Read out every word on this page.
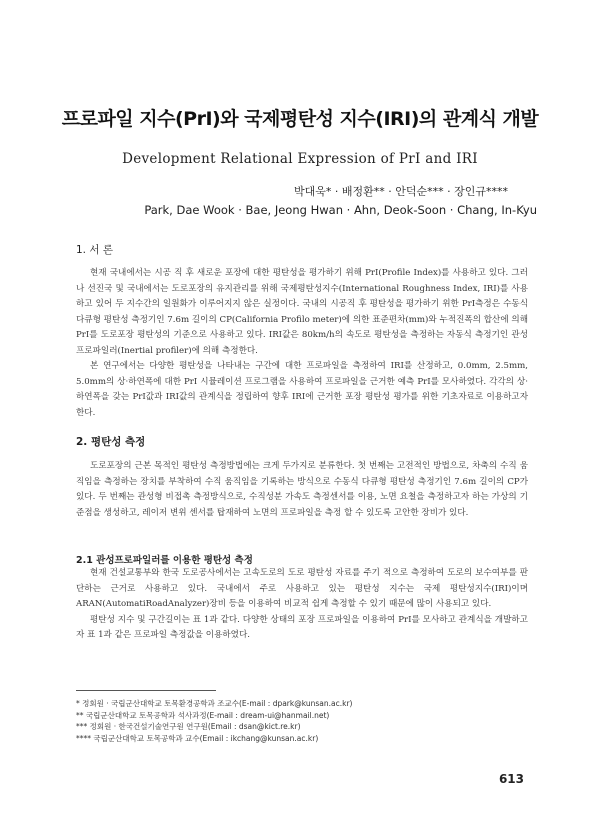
프로파일 지수(PrI)와 국제평탄성 지수(IRI)의 관계식 개발
Development Relational Expression of PrI and IRI
박대욱* · 배정환** · 안덕순*** · 장인규****
Park, Dae Wook · Bae, Jeong Hwan · Ahn, Deok-Soon · Chang, In-Kyu
1. 서 론

현재 국내에서는 시공 직 후 새로운 포장에 대한 평탄성을 평가하기 위해 PrI(Profile Index)를 사용하고 있다. 그러나 선진국 및 국내에서는 도로포장의 유지관리를 위해 국제평탄성지수(International Roughness Index, IRI)를 사용하고 있어 두 지수간의 일원화가 이루어지지 않은 실정이다. 국내의 시공직 후 평탄성을 평가하기 위한 PrI측정은 수동식 다큐형 평탄성 측정기인 7.6m 길이의 CP(California Profilo meter)에 의한 표준편차(mm)와 누적진폭의 합산에 의해 PrI를 도로포장 평탄성의 기준으로 사용하고 있다. IRI값은 80km/h의 속도로 평탄성을 측정하는 자동식 측정기인 관성프로파일러(Inertial profiler)에 의해 측정한다.

본 연구에서는 다양한 평탄성을 나타내는 구간에 대한 프로파일을 측정하여 IRI를 산정하고, 0.0mm, 2.5mm, 5.0mm의 상·하연폭에 대한 PrI 시뮬레이션 프로그램을 사용하여 프로파일을 근거한 예측 PrI를 모사하였다. 각각의 상·하연폭을 갖는 PrI값과 IRI값의 관계식을 정립하여 향후 IRI에 근거한 포장 평탄성 평가를 위한 기초자료로 이용하고자 한다.

2. 평탄성 측정

도로포장의 근본 목적인 평탄성 측정방법에는 크게 두가지로 분류한다. 첫 번째는 고전적인 방법으로, 차축의 수직 움직임을 측정하는 장치를 부착하여 수직 움직임을 기록하는 방식으로 수동식 다큐형 평탄성 측정기인 7.6m 길이의 CP가 있다. 두 번째는 관성형 비접촉 측정방식으로, 수직성분 가속도 측정센서를 이용, 노면 요철을 측정하고자 하는 가상의 기준점을 생성하고, 레이저 변위 센서를 탑재하여 노면의 프로파일을 측정 할 수 있도록 고안한 장비가 있다.

2.1 관성프로파일러를 이용한 평탄성 측정

현재 건설교통부와 한국 도로공사에서는 고속도로의 도로 평탄성 자료를 주기 적으로 측정하여 도로의 보수여부를 판단하는 근거로 사용하고 있다. 국내에서 주로 사용하고 있는 평탄성 지수는 국제 평탄성지수(IRI)이며 ARAN(AutomatiRoadAnalyzer)장비 등을 이용하여 비교적 쉽게 측정할 수 있기 때문에 많이 사용되고 있다.

평탄성 지수 및 구간길이는 표 1과 같다. 다양한 상태의 포장 프로파일을 이용하여 PrI를 모사하고 관계식을 개발하고자 표 1과 같은 프로파일 측정값을 이용하였다.

* 정회원 · 국립군산대학교 토목환경공학과 조교수(E-mail : dpark@kunsan.ac.kr)
** 국립군산대학교 토목공학과 석사과정(E-mail : dream-ui@hanmail.net)
*** 정회원 · 한국건설기술연구원 연구원(Email : dsan@kict.re.kr)
**** 국립군산대학교 토목공학과 교수(Email : ikchang@kunsan.ac.kr)
613
